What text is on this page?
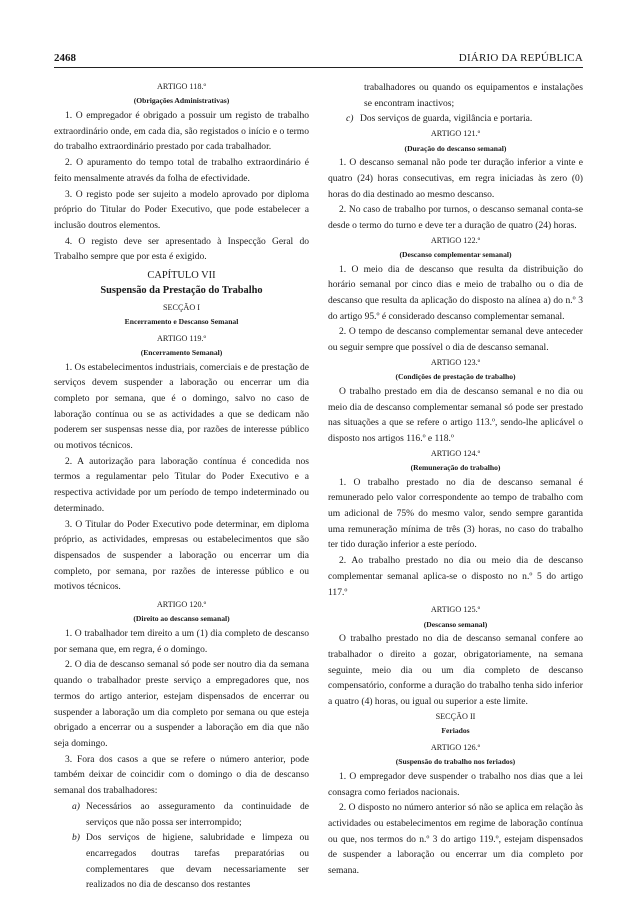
2468	DIÁRIO DA REPÚBLICA

ARTIGO 118.º

(Obrigações Administrativas)

1. O empregador é obrigado a possuir um registo de trabalho extraordinário onde, em cada dia, são registados o início e o termo do trabalho extraordinário prestado por cada trabalhador.

2. O apuramento do tempo total de trabalho extraordinário é feito mensalmente através da folha de efectividade.

3. O registo pode ser sujeito a modelo aprovado por diploma próprio do Titular do Poder Executivo, que pode estabelecer a inclusão doutros elementos.

4. O registo deve ser apresentado à Inspecção Geral do Trabalho sempre que por esta é exigido.

CAPÍTULO VII

Suspensão da Prestação do Trabalho

SECÇÃO I

Encerramento e Descanso Semanal

ARTIGO 119.º

(Encerramento Semanal)

1. Os estabelecimentos industriais, comerciais e de prestação de serviços devem suspender a laboração ou encerrar um dia completo por semana, que é o domingo, salvo no caso de laboração contínua ou se as actividades a que se dedicam não poderem ser suspensas nesse dia, por razões de interesse público ou motivos técnicos.

2. A autorização para laboração contínua é concedida nos termos a regulamentar pelo Titular do Poder Executivo e a respectiva actividade por um período de tempo indeterminado ou determinado.

3. O Titular do Poder Executivo pode determinar, em diploma próprio, as actividades, empresas ou estabelecimentos que são dispensados de suspender a laboração ou encerrar um dia completo, por semana, por razões de interesse público e ou motivos técnicos.

ARTIGO 120.º

(Direito ao descanso semanal)

1. O trabalhador tem direito a um (1) dia completo de descanso por semana que, em regra, é o domingo.

2. O dia de descanso semanal só pode ser noutro dia da semana quando o trabalhador preste serviço a empregadores que, nos termos do artigo anterior, estejam dispensados de encerrar ou suspender a laboração um dia completo por semana ou que esteja obrigado a encerrar ou a suspender a laboração em dia que não seja domingo.

3. Fora dos casos a que se refere o número anterior, pode também deixar de coincidir com o domingo o dia de descanso semanal dos trabalhadores:

a) Necessários ao asseguramento da continuidade de serviços que não possa ser interrompido;
b) Dos serviços de higiene, salubridade e limpeza ou encarregados doutras tarefas preparatórias ou complementares que devam necessariamente ser realizados no dia de descanso dos restantes

trabalhadores ou quando os equipamentos e instalações se encontram inactivos;

c) Dos serviços de guarda, vigilância e portaria.

ARTIGO 121.º

(Duração do descanso semanal)

1. O descanso semanal não pode ter duração inferior a vinte e quatro (24) horas consecutivas, em regra iniciadas às zero (0) horas do dia destinado ao mesmo descanso.

2. No caso de trabalho por turnos, o descanso semanal conta-se desde o termo do turno e deve ter a duração de quatro (24) horas.

ARTIGO 122.º

(Descanso complementar semanal)

1. O meio dia de descanso que resulta da distribuição do horário semanal por cinco dias e meio de trabalho ou o dia de descanso que resulta da aplicação do disposto na alínea a) do n.º 3 do artigo 95.º é considerado descanso complementar semanal.

2. O tempo de descanso complementar semanal deve anteceder ou seguir sempre que possível o dia de descanso semanal.

ARTIGO 123.º

(Condições de prestação de trabalho)

O trabalho prestado em dia de descanso semanal e no dia ou meio dia de descanso complementar semanal só pode ser prestado nas situações a que se refere o artigo 113.º, sendo-lhe aplicável o disposto nos artigos 116.º e 118.º

ARTIGO 124.º

(Remuneração do trabalho)

1. O trabalho prestado no dia de descanso semanal é remunerado pelo valor correspondente ao tempo de trabalho com um adicional de 75% do mesmo valor, sendo sempre garantida uma remuneração mínima de três (3) horas, no caso do trabalho ter tido duração inferior a este período.

2. Ao trabalho prestado no dia ou meio dia de descanso complementar semanal aplica-se o disposto no n.º 5 do artigo 117.º

ARTIGO 125.º

(Descanso semanal)

O trabalho prestado no dia de descanso semanal confere ao trabalhador o direito a gozar, obrigatoriamente, na semana seguinte, meio dia ou um dia completo de descanso compensatório, conforme a duração do trabalho tenha sido inferior a quatro (4) horas, ou igual ou superior a este limite.

SECÇÃO II

Feriados

ARTIGO 126.º

(Suspensão do trabalho nos feriados)

1. O empregador deve suspender o trabalho nos dias que a lei consagra como feriados nacionais.

2. O disposto no número anterior só não se aplica em relação às actividades ou estabelecimentos em regime de laboração contínua ou que, nos termos do n.º 3 do artigo 119.º, estejam dispensados de suspender a laboração ou encerrar um dia completo por semana.
